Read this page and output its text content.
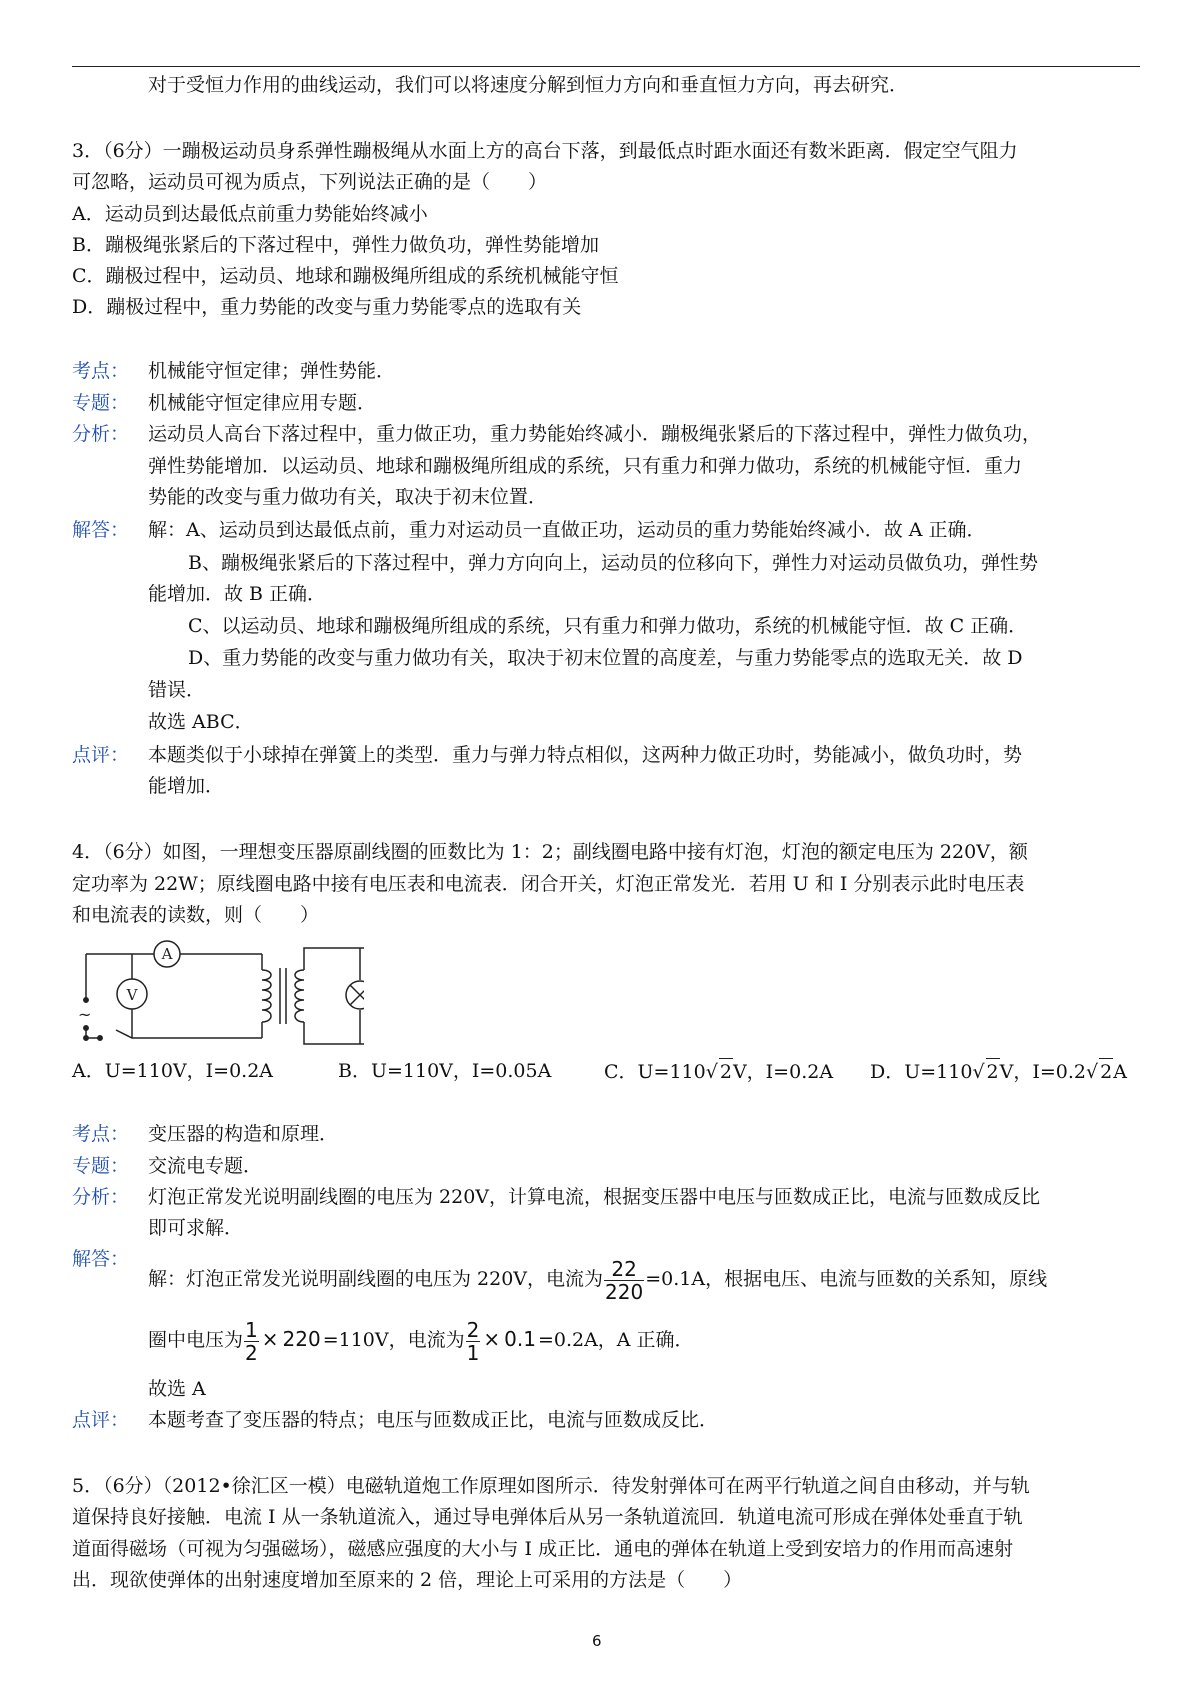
对于受恒力作用的曲线运动，我们可以将速度分解到恒力方向和垂直恒力方向，再去研究．
3．（6分）一蹦极运动员身系弹性蹦极绳从水面上方的高台下落，到最低点时距水面还有数米距离．假定空气阻力
可忽略，运动员可视为质点，下列说法正确的是（　　）
A．运动员到达最低点前重力势能始终减小
B．蹦极绳张紧后的下落过程中，弹性力做负功，弹性势能增加
C．蹦极过程中，运动员、地球和蹦极绳所组成的系统机械能守恒
D．蹦极过程中，重力势能的改变与重力势能零点的选取有关
考点： 机械能守恒定律；弹性势能．
专题： 机械能守恒定律应用专题．
分析： 运动员人高台下落过程中，重力做正功，重力势能始终减小．蹦极绳张紧后的下落过程中，弹性力做负功，
弹性势能增加．以运动员、地球和蹦极绳所组成的系统，只有重力和弹力做功，系统的机械能守恒．重力
势能的改变与重力做功有关，取决于初末位置．
解答： 解：A、运动员到达最低点前，重力对运动员一直做正功，运动员的重力势能始终减小．故 A 正确．
B、蹦极绳张紧后的下落过程中，弹力方向向上，运动员的位移向下，弹性力对运动员做负功，弹性势
能增加．故 B 正确．
C、以运动员、地球和蹦极绳所组成的系统，只有重力和弹力做功，系统的机械能守恒．故 C 正确．
D、重力势能的改变与重力做功有关，取决于初末位置的高度差，与重力势能零点的选取无关．故 D
错误．
故选 ABC．
点评： 本题类似于小球掉在弹簧上的类型．重力与弹力特点相似，这两种力做正功时，势能减小，做负功时，势
能增加．
4．（6分）如图，一理想变压器原副线圈的匝数比为 1：2；副线圈电路中接有灯泡，灯泡的额定电压为 220V，额
定功率为 22W；原线圈电路中接有电压表和电流表．闭合开关，灯泡正常发光．若用 U 和 I 分别表示此时电压表
和电流表的读数，则（　　）
A
V
~
A．U=110V，I=0.2A	B．U=110V，I=0.05A	C．U=110√ 2V，I=0.2A D．U=110√ 2V，I=0.2√ 2A
考点： 变压器的构造和原理．
专题： 交流电专题．
分析： 灯泡正常发光说明副线圈的电压为 220V，计算电流，根据变压器中电压与匝数成正比，电流与匝数成反比
即可求解．
解答：
解：灯泡正常发光说明副线圈的电压为 220V，电流为 $\frac{22}{220} =0.1A$，根据电压、电流与匝数的关系知，原线
圈中电压为 $\frac{1}{2} \times 220 =110V$，电流为 $\frac{2}{1} \times 0.1 =0.2A$，A 正确．
故选 A
点评： 本题考查了变压器的特点；电压与匝数成正比，电流与匝数成反比．
5．（6分）（2012•徐汇区一模）电磁轨道炮工作原理如图所示．待发射弹体可在两平行轨道之间自由移动，并与轨
道保持良好接触．电流 I 从一条轨道流入，通过导电弹体后从另一条轨道流回．轨道电流可形成在弹体处垂直于轨
道面得磁场（可视为匀强磁场），磁感应强度的大小与 I 成正比．通电的弹体在轨道上受到安培力的作用而高速射
出．现欲使弹体的出射速度增加至原来的 2 倍，理论上可采用的方法是（　　）
6
